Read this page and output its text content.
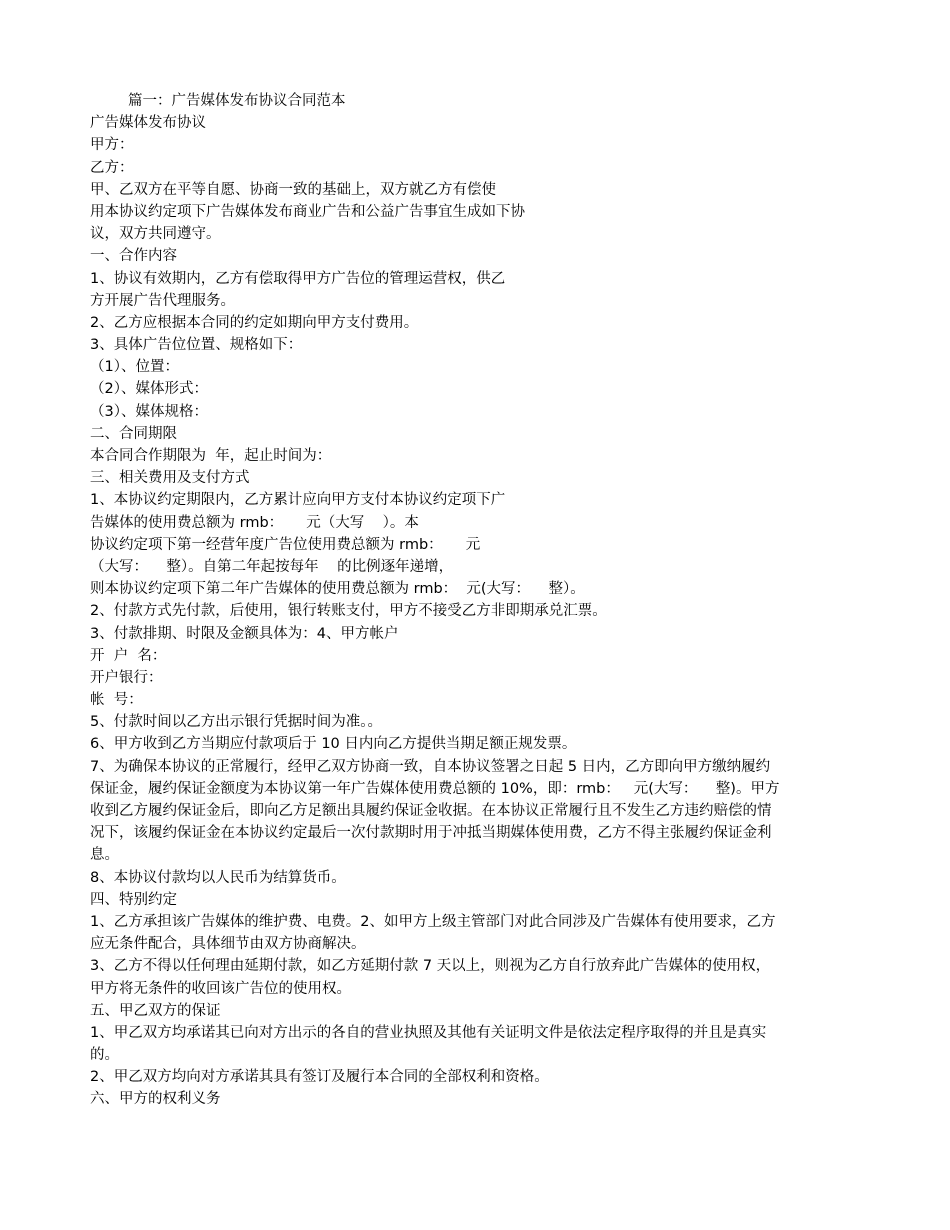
篇一：广告媒体发布协议合同范本
广告媒体发布协议
甲方：
乙方：
甲、乙双方在平等自愿、协商一致的基础上，双方就乙方有偿使
用本协议约定项下广告媒体发布商业广告和公益广告事宜生成如下协
议，双方共同遵守。
一、合作内容
1、协议有效期内，乙方有偿取得甲方广告位的管理运营权，供乙
方开展广告代理服务。
2、乙方应根据本合同的约定如期向甲方支付费用。
3、具体广告位位置、规格如下：
（1）、位置：
（2）、媒体形式：
（3）、媒体规格：
二、合同期限
本合同合作期限为  年，起止时间为：
三、相关费用及支付方式
1、本协议约定期限内，乙方累计应向甲方支付本协议约定项下广
告媒体的使用费总额为 rmb：     元（大写    ）。本
协议约定项下第一经营年度广告位使用费总额为 rmb：     元
（大写：    整）。自第二年起按每年    的比例逐年递增，
则本协议约定项下第二年广告媒体的使用费总额为 rmb：  元(大写：    整）。
2、付款方式先付款，后使用，银行转账支付，甲方不接受乙方非即期承兑汇票。
3、付款排期、时限及金额具体为：4、甲方帐户
开  户  名：
开户银行：
帐  号：
5、付款时间以乙方出示银行凭据时间为准。。
6、甲方收到乙方当期应付款项后于 10 日内向乙方提供当期足额正规发票。
7、为确保本协议的正常履行，经甲乙双方协商一致，自本协议签署之日起 5 日内，乙方即向甲方缴纳履约
保证金，履约保证金额度为本协议第一年广告媒体使用费总额的 10%，即：rmb：   元(大写：    整)。甲方
收到乙方履约保证金后，即向乙方足额出具履约保证金收据。在本协议正常履行且不发生乙方违约赔偿的情
况下，该履约保证金在本协议约定最后一次付款期时用于冲抵当期媒体使用费，乙方不得主张履约保证金利
息。
8、本协议付款均以人民币为结算货币。
四、特别约定
1、乙方承担该广告媒体的维护费、电费。2、如甲方上级主管部门对此合同涉及广告媒体有使用要求，乙方
应无条件配合，具体细节由双方协商解决。
3、乙方不得以任何理由延期付款，如乙方延期付款 7 天以上，则视为乙方自行放弃此广告媒体的使用权，
甲方将无条件的收回该广告位的使用权。
五、甲乙双方的保证
1、甲乙双方均承诺其已向对方出示的各自的营业执照及其他有关证明文件是依法定程序取得的并且是真实
的。
2、甲乙双方均向对方承诺其具有签订及履行本合同的全部权利和资格。
六、甲方的权利义务
